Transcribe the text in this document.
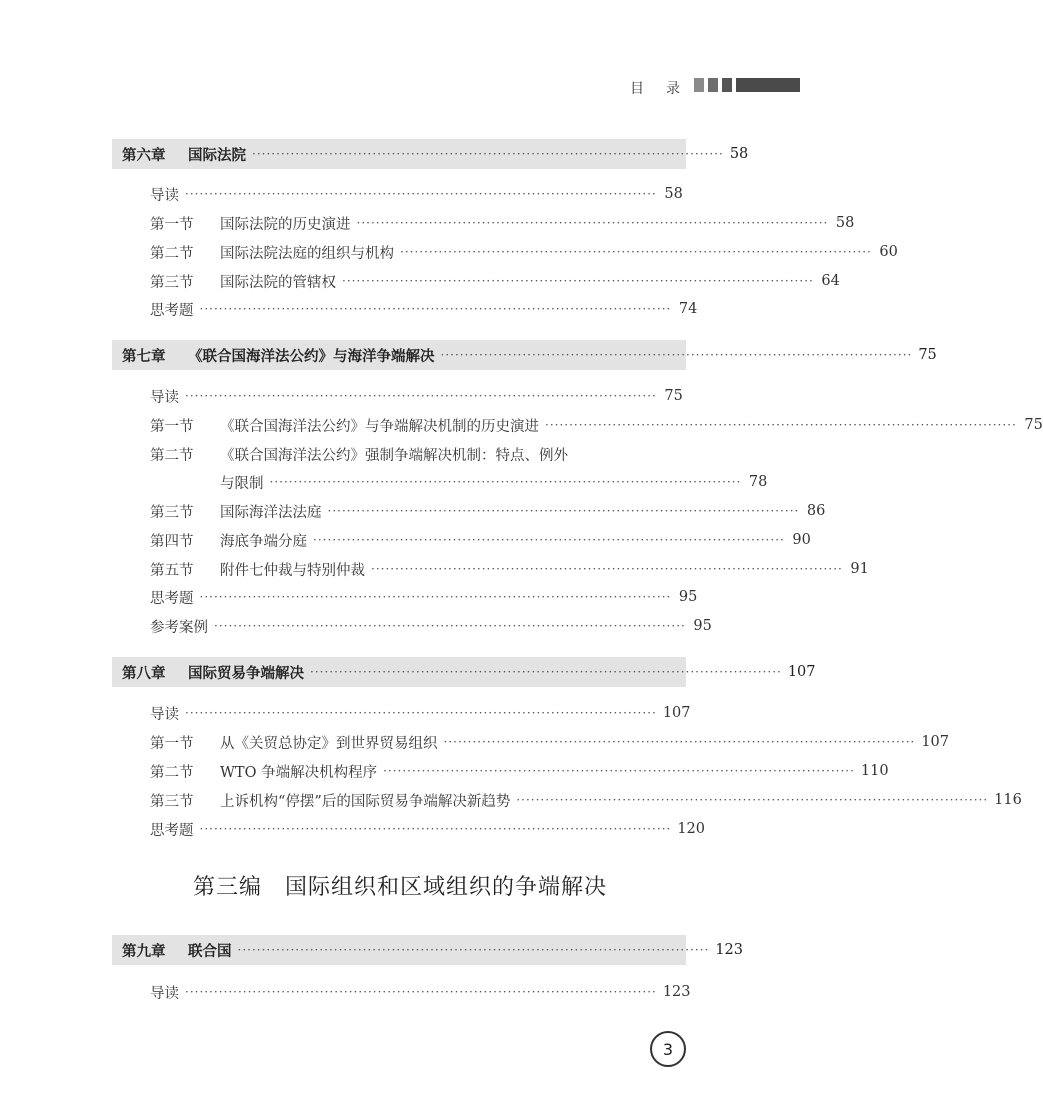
目 录
第六章 国际法院 ·································································································· 58
导读 ·································································································· 58
第一节 国际法院的历史演进 ·································································································· 58
第二节 国际法院法庭的组织与机构 ·································································································· 60
第三节 国际法院的管辖权 ·································································································· 64
思考题 ·································································································· 74
第七章 《联合国海洋法公约》与海洋争端解决 ·································································································· 75
导读 ·································································································· 75
第一节 《联合国海洋法公约》与争端解决机制的历史演进 ·································································································· 75
第二节 《联合国海洋法公约》强制争端解决机制：特点、例外
与限制 ·································································································· 78
第三节 国际海洋法法庭 ·································································································· 86
第四节 海底争端分庭 ·································································································· 90
第五节 附件七仲裁与特别仲裁 ·································································································· 91
思考题 ·································································································· 95
参考案例 ·································································································· 95
第八章 国际贸易争端解决 ·································································································· 107
导读 ·································································································· 107
第一节 从《关贸总协定》到世界贸易组织 ·································································································· 107
第二节 WTO 争端解决机构程序 ·································································································· 110
第三节 上诉机构“停摆”后的国际贸易争端解决新趋势 ·································································································· 116
思考题 ·································································································· 120
第三编　国际组织和区域组织的争端解决
第九章 联合国 ·································································································· 123
导读 ·································································································· 123
3
